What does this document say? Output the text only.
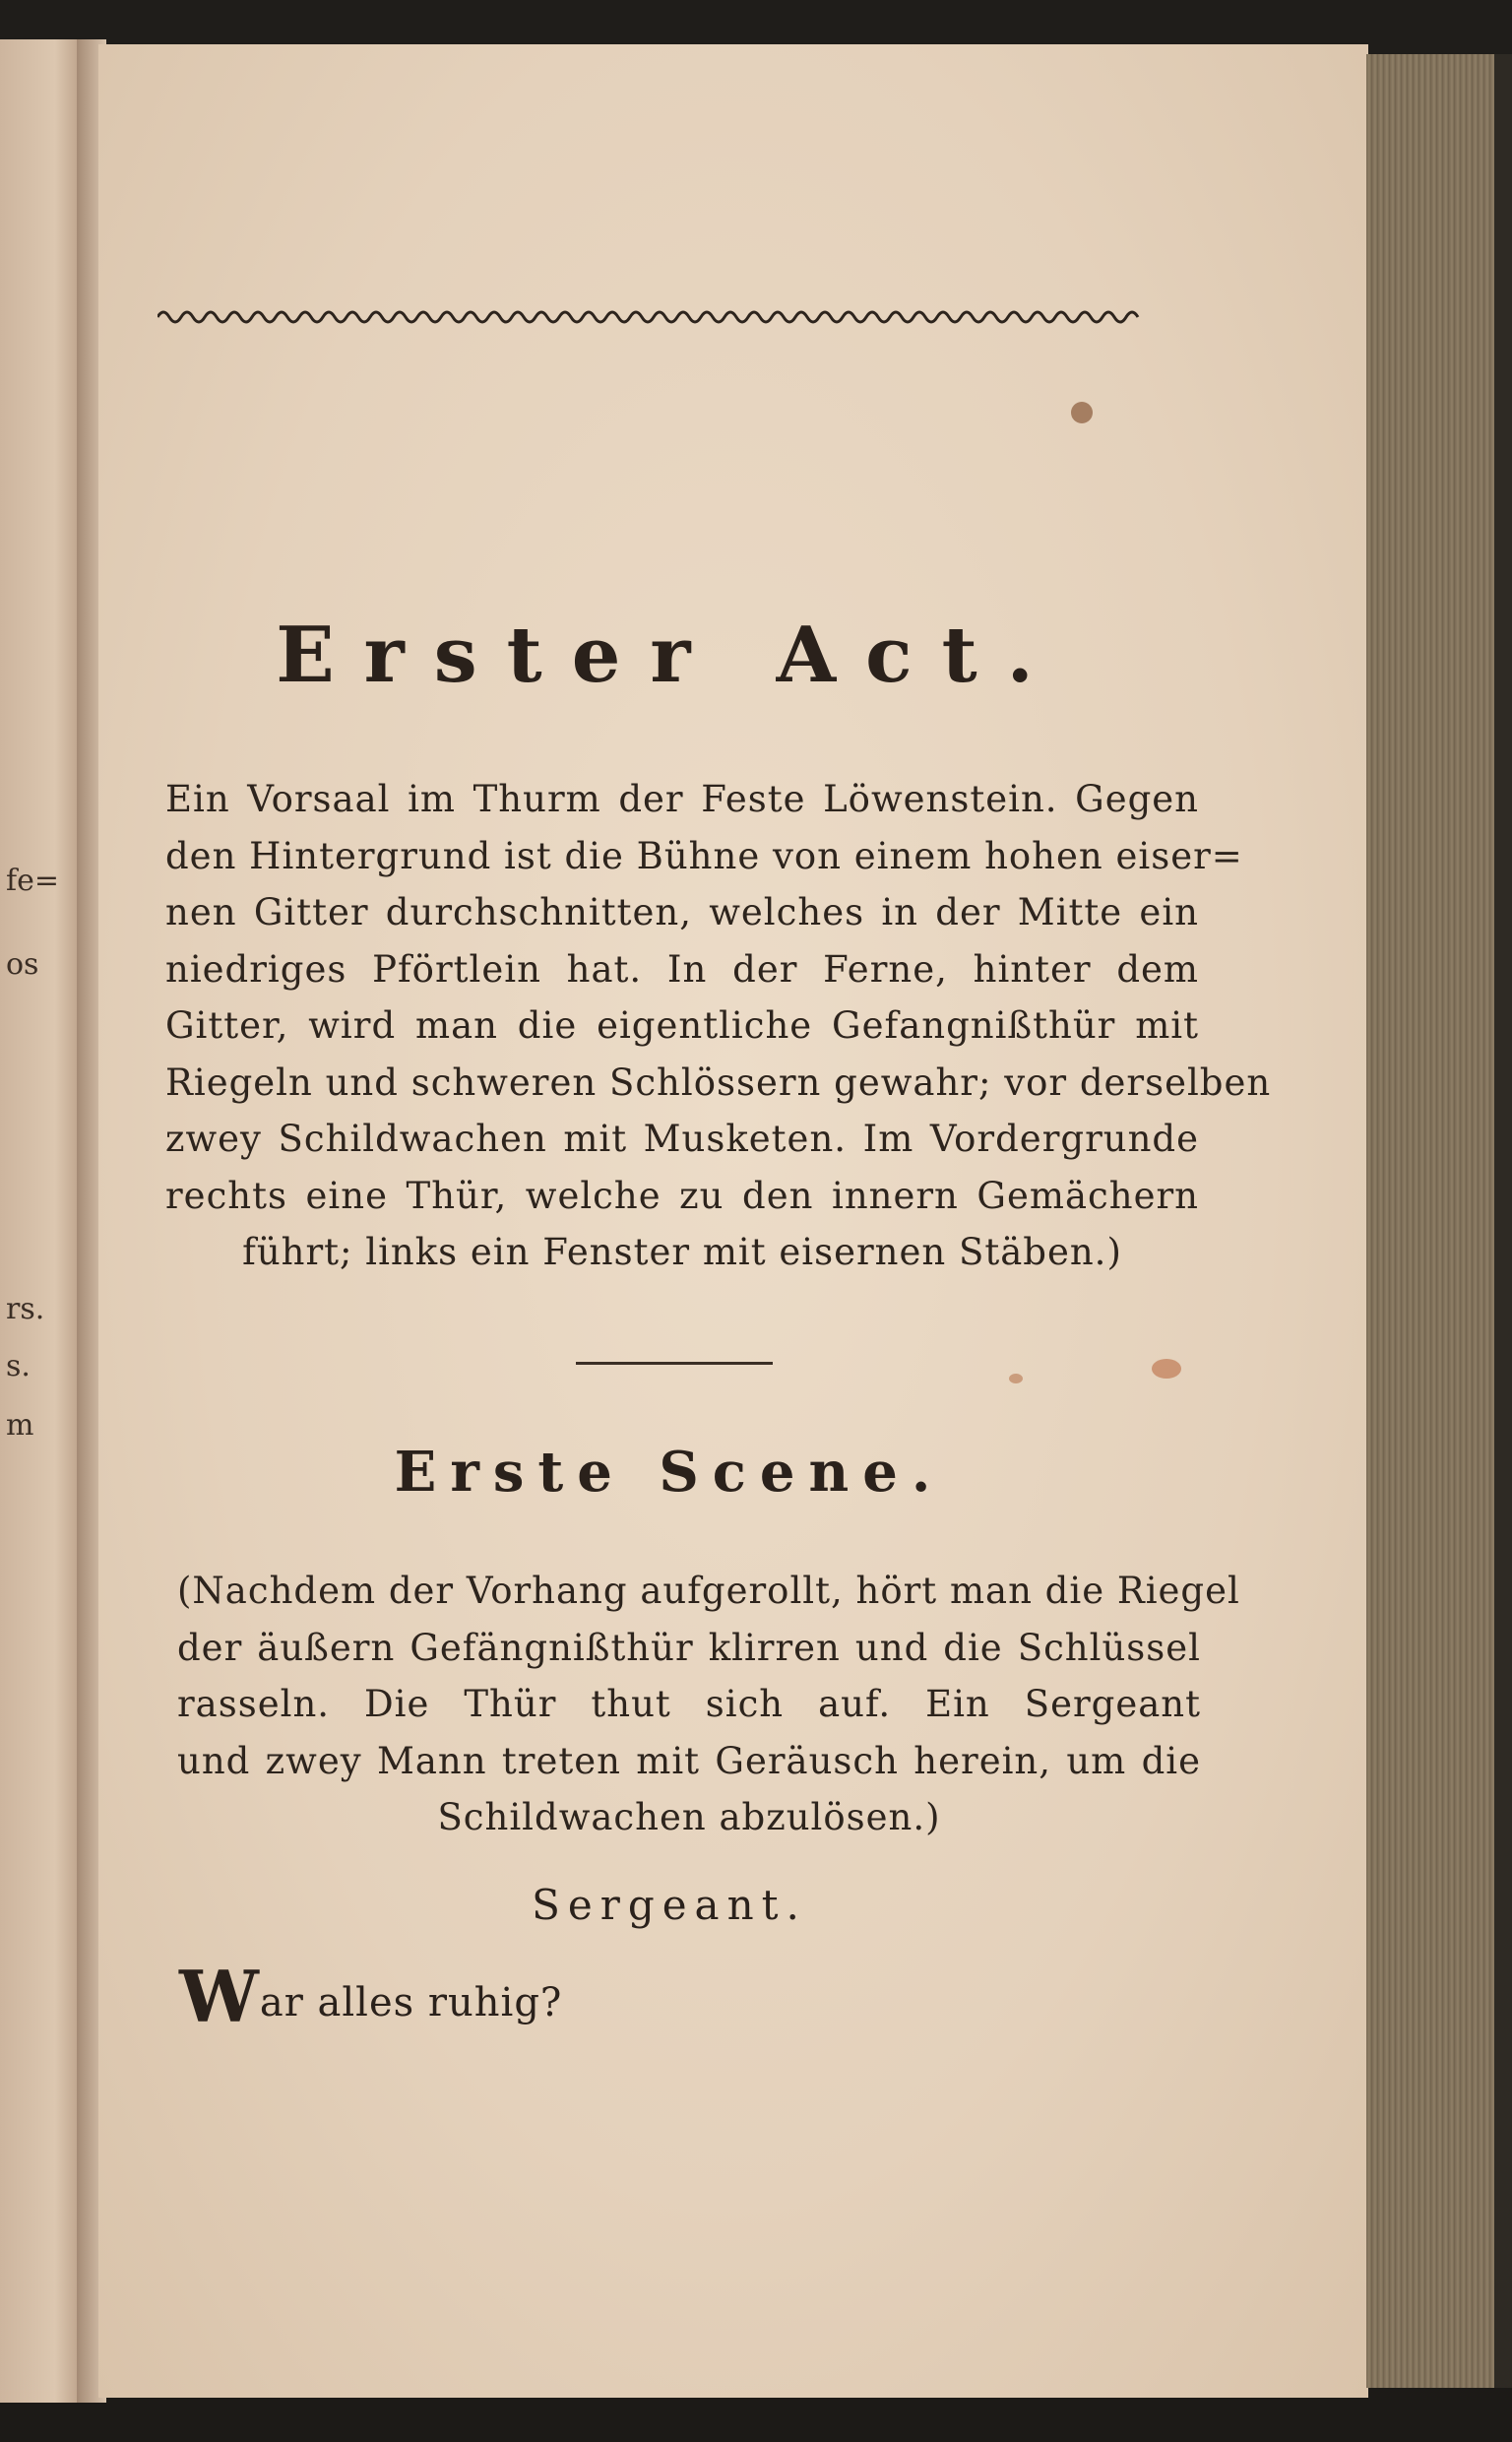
fe=
os
rs.
s.
m
Erster Act.
Ein Vorsaal im Thurm der Feste Löwenstein. Gegen
den Hintergrund ist die Bühne von einem hohen eiser=
nen Gitter durchschnitten, welches in der Mitte ein
niedriges Pförtlein hat. In der Ferne, hinter dem
Gitter, wird man die eigentliche Gefangnißthür mit
Riegeln und schweren Schlössern gewahr; vor derselben
zwey Schildwachen mit Musketen. Im Vordergrunde
rechts eine Thür, welche zu den innern Gemächern
führt; links ein Fenster mit eisernen Stäben.)
Erste Scene.
(Nachdem der Vorhang aufgerollt, hört man die Riegel
der äußern Gefängnißthür klirren und die Schlüssel
rasseln. Die Thür thut sich auf. Ein Sergeant
und zwey Mann treten mit Geräusch herein, um die
Schildwachen abzulösen.)
Sergeant.
War alles ruhig?
